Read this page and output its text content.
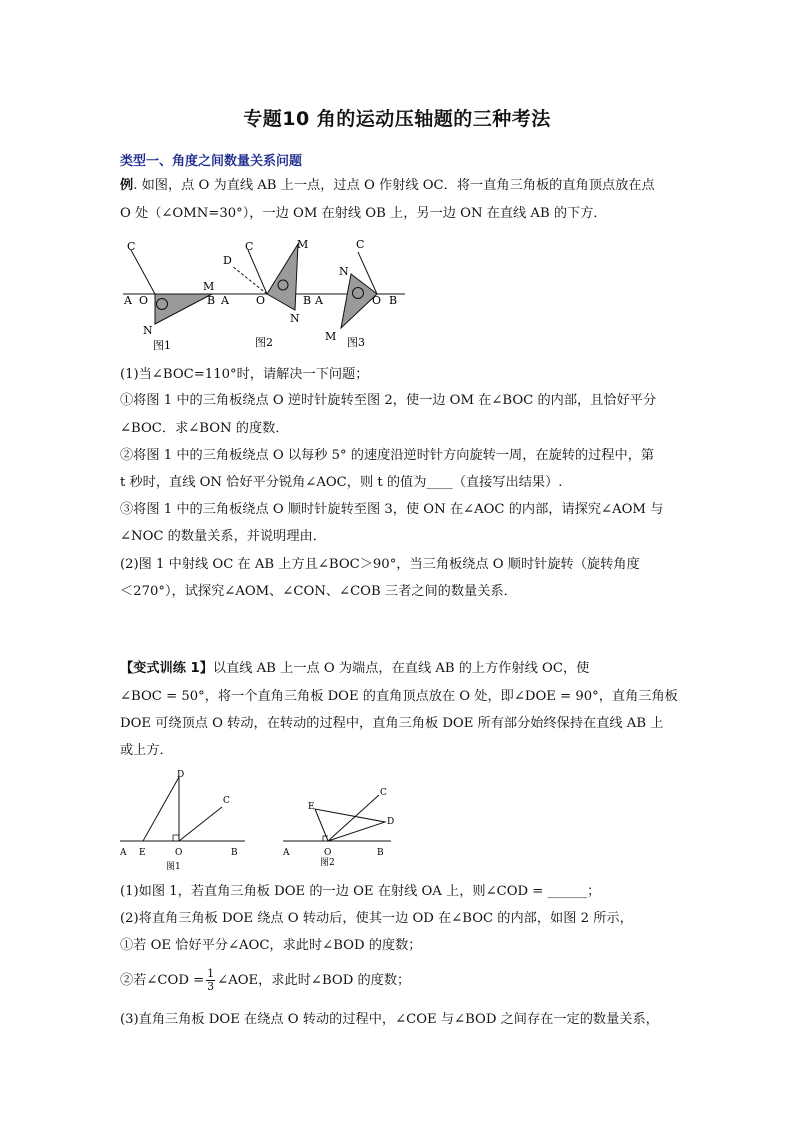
专题10 角的运动压轴题的三种考法
类型一、角度之间数量关系问题
例. 如图，点 O 为直线 AB 上一点，过点 O 作射线 OC．将一直角三角板的直角顶点放在点
O 处（∠OMN=30°），一边 OM 在射线 OB 上，另一边 ON 在直线 AB 的下方．
C
A O
M
B
N
图1
C	M
D
A O	B
N
图2
C
N
A	O B
M 图3
(1)当∠BOC=110°时，请解决一下问题；
①将图 1 中的三角板绕点 O 逆时针旋转至图 2，使一边 OM 在∠BOC 的内部，且恰好平分
∠BOC．求∠BON 的度数．
②将图 1 中的三角板绕点 O 以每秒 5° 的速度沿逆时针方向旋转一周，在旋转的过程中，第
t 秒时，直线 ON 恰好平分锐角∠AOC，则 t 的值为____（直接写出结果）.
③将图 1 中的三角板绕点 O 顺时针旋转至图 3，使 ON 在∠AOC 的内部，请探究∠AOM 与
∠NOC 的数量关系，并说明理由．
(2)图 1 中射线 OC 在 AB 上方且∠BOC＞90°，当三角板绕点 O 顺时针旋转（旋转角度
＜270°），试探究∠AOM、∠CON、∠COB 三者之间的数量关系．
【变式训练 1】以直线 AB 上一点 O 为端点，在直线 AB 的上方作射线 OC，使
∠BOC = 50°，将一个直角三角板 DOE 的直角顶点放在 O 处，即∠DOE = 90°，直角三角板
DOE 可绕顶点 O 转动，在转动的过程中，直角三角板 DOE 所有部分始终保持在直线 AB 上
或上方．
D
C
A E	O	B
图1
C
E
D
A	O	B
图2
(1)如图 1，若直角三角板 DOE 的一边 OE 在射线 OA 上，则∠COD = ______；
(2)将直角三角板 DOE 绕点 O 转动后，使其一边 OD 在∠BOC 的内部，如图 2 所示，
①若 OE 恰好平分∠AOC，求此时∠BOD 的度数；
②若∠COD = $\frac{1}{3}$ ∠AOE，求此时∠BOD 的度数；
(3)直角三角板 DOE 在绕点 O 转动的过程中，∠COE 与∠BOD 之间存在一定的数量关系，
